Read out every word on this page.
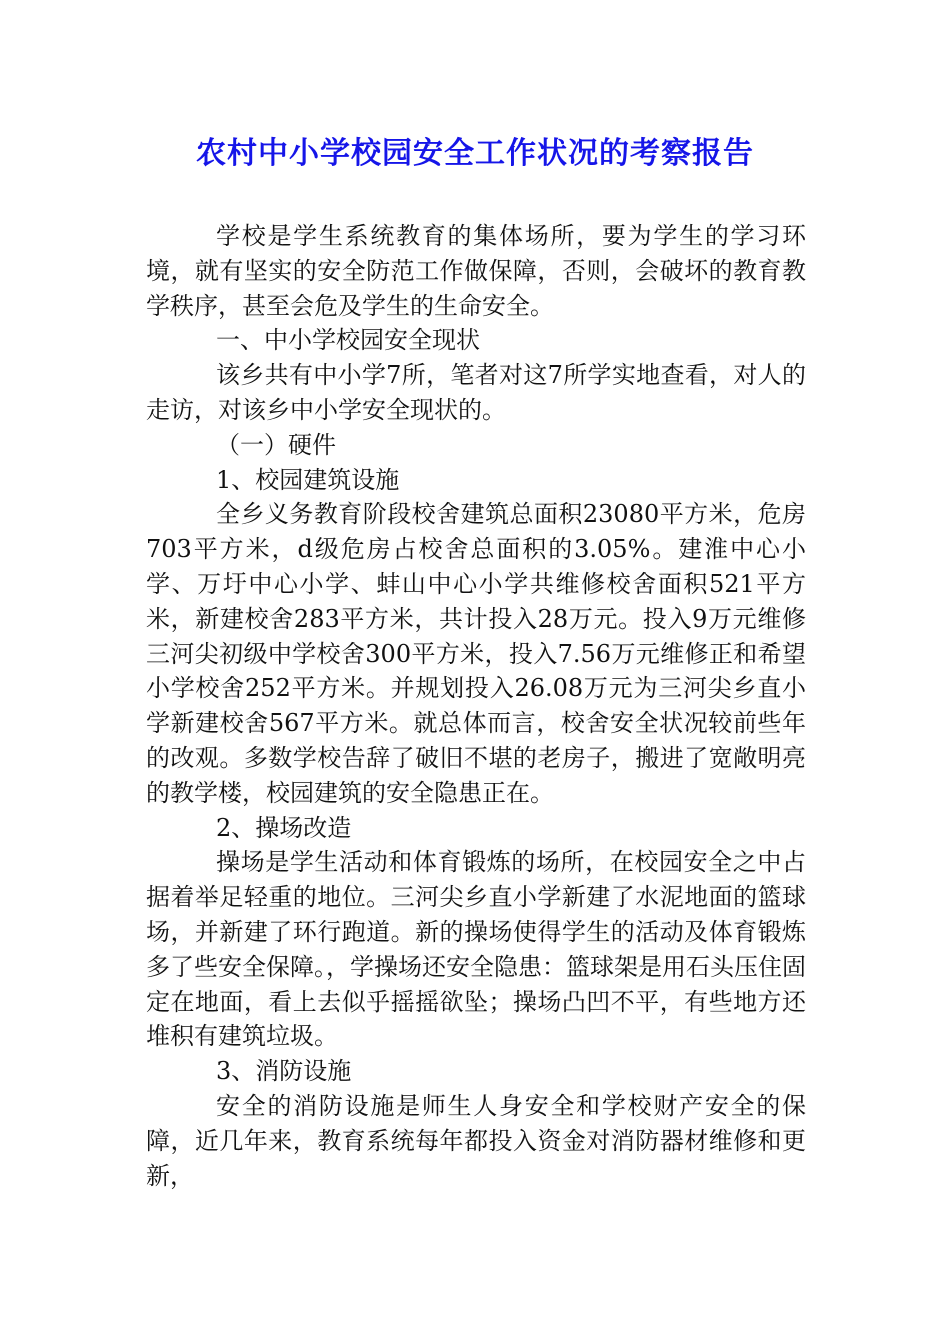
农村中小学校园安全工作状况的考察报告

学校是学生系统教育的集体场所，要为学生的学习环境，就有坚实的安全防范工作做保障，否则，会破坏的教育教学秩序，甚至会危及学生的生命安全。

一、中小学校园安全现状

该乡共有中小学7所，笔者对这7所学实地查看，对人的走访，对该乡中小学安全现状的。

（一）硬件

1、校园建筑设施

全乡义务教育阶段校舍建筑总面积23080平方米，危房703平方米，d级危房占校舍总面积的3.05%。建淮中心小学、万圩中心小学、蚌山中心小学共维修校舍面积521平方米，新建校舍283平方米，共计投入28万元。投入9万元维修三河尖初级中学校舍300平方米，投入7.56万元维修正和希望小学校舍252平方米。并规划投入26.08万元为三河尖乡直小学新建校舍567平方米。就总体而言，校舍安全状况较前些年的改观。多数学校告辞了破旧不堪的老房子，搬进了宽敞明亮的教学楼，校园建筑的安全隐患正在。

2、操场改造

操场是学生活动和体育锻炼的场所，在校园安全之中占据着举足轻重的地位。三河尖乡直小学新建了水泥地面的篮球场，并新建了环行跑道。新的操场使得学生的活动及体育锻炼多了些安全保障。，学操场还安全隐患：篮球架是用石头压住固定在地面，看上去似乎摇摇欲坠；操场凸凹不平，有些地方还堆积有建筑垃圾。

3、消防设施

安全的消防设施是师生人身安全和学校财产安全的保障，近几年来，教育系统每年都投入资金对消防器材维修和更新，
